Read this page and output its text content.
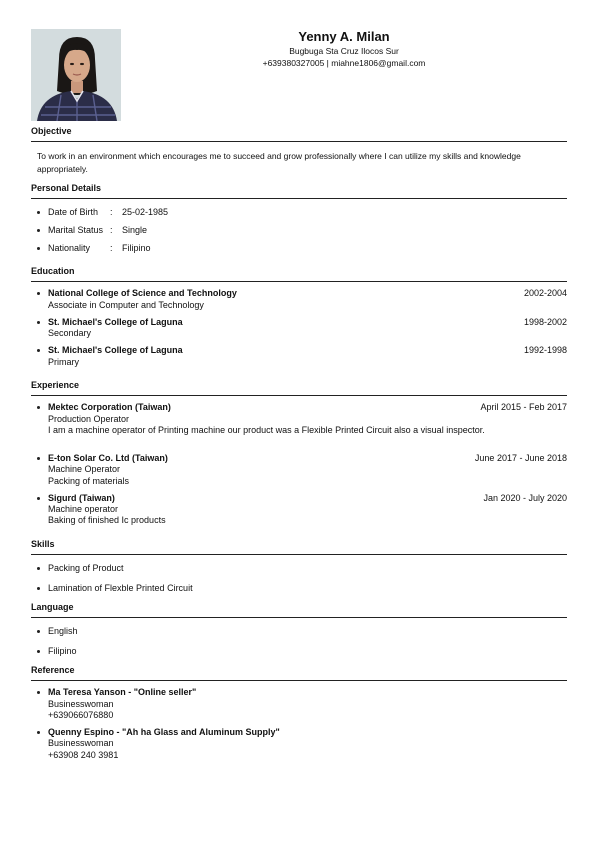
Yenny A. Milan
Bugbuga Sta Cruz Ilocos Sur
+639380327005 | miahne1806@gmail.com
Objective
To work in an environment which encourages me to succeed and grow professionally where I can utilize my skills and knowledge appropriately.
Personal Details
Date of Birth : 25-02-1985
Marital Status : Single
Nationality : Filipino
Education
National College of Science and Technology	2002-2004
Associate in Computer and Technology
St. Michael's College of Laguna	1998-2002
Secondary
St. Michael's College of Laguna	1992-1998
Primary
Experience
Mektec Corporation (Taiwan)	April 2015 - Feb 2017
Production Operator
I am a machine operator of Printing machine our product was a Flexible Printed Circuit also a visual inspector.
E-ton Solar Co. Ltd (Taiwan)	June 2017 - June 2018
Machine Operator
Packing of materials
Sigurd (Taiwan)	Jan 2020 - July 2020
Machine operator
Baking of finished Ic products
Skills
Packing of Product
Lamination of Flexble Printed Circuit
Language
English
Filipino
Reference
Ma Teresa Yanson - "Online seller"
Businesswoman
+639066076880
Quenny Espino - "Ah ha Glass and Aluminum Supply"
Businesswoman
+63908 240 3981
